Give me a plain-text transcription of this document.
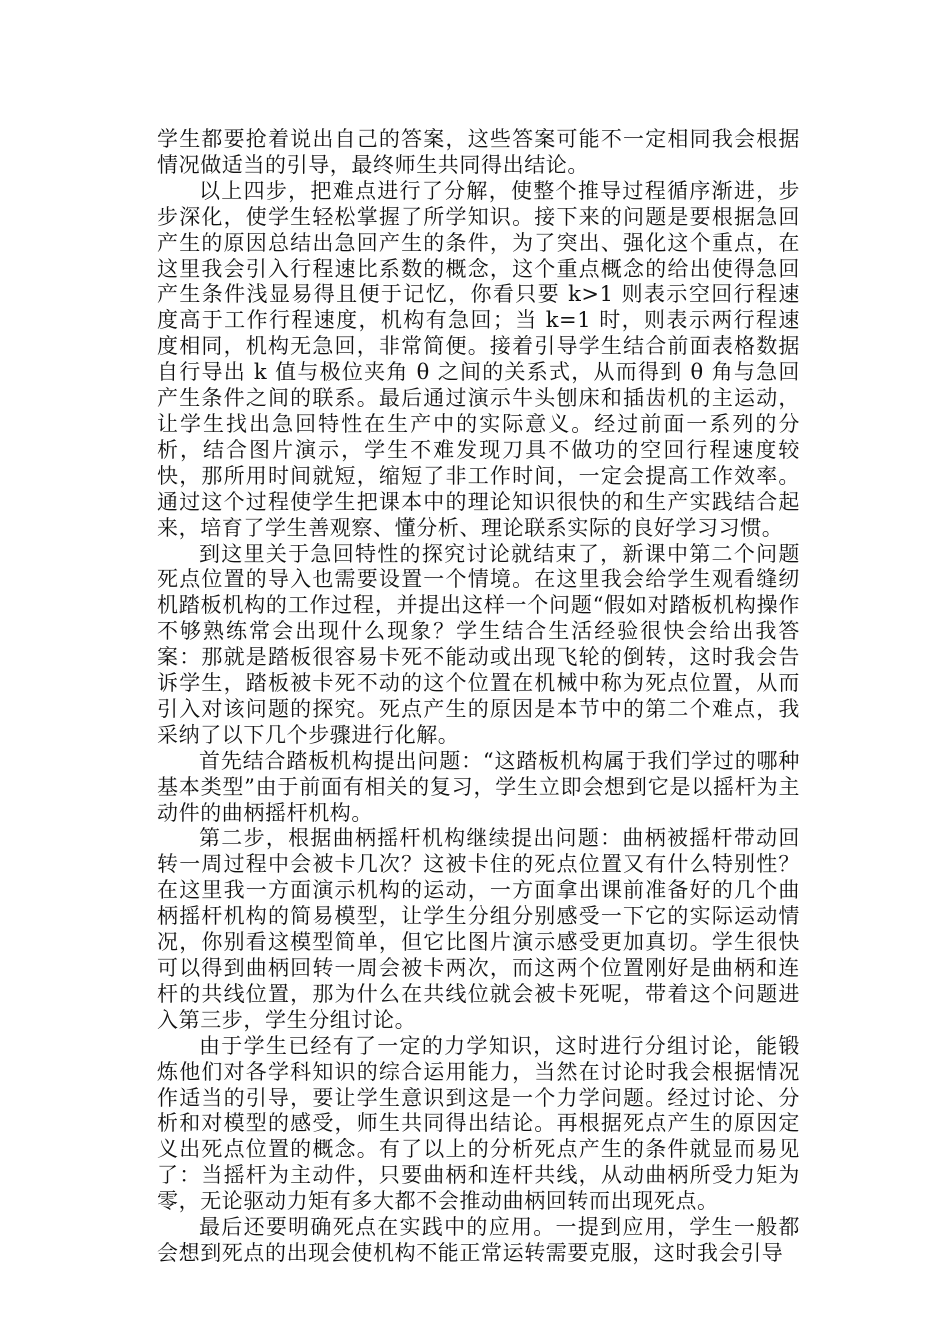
学生都要抢着说出自己的答案，这些答案可能不一定相同我会根据情况做适当的引导，最终师生共同得出结论。

以上四步，把难点进行了分解，使整个推导过程循序渐进，步步深化，使学生轻松掌握了所学知识。接下来的问题是要根据急回产生的原因总结出急回产生的条件，为了突出、强化这个重点，在这里我会引入行程速比系数的概念，这个重点概念的给出使得急回产生条件浅显易得且便于记忆，你看只要 k>1 则表示空回行程速度高于工作行程速度，机构有急回；当 k=1 时，则表示两行程速度相同，机构无急回，非常简便。接着引导学生结合前面表格数据自行导出 k 值与极位夹角 θ 之间的关系式，从而得到 θ 角与急回产生条件之间的联系。最后通过演示牛头刨床和插齿机的主运动，让学生找出急回特性在生产中的实际意义。经过前面一系列的分析，结合图片演示，学生不难发现刀具不做功的空回行程速度较快，那所用时间就短，缩短了非工作时间，一定会提高工作效率。通过这个过程使学生把课本中的理论知识很快的和生产实践结合起来，培育了学生善观察、懂分析、理论联系实际的良好学习习惯。

到这里关于急回特性的探究讨论就结束了，新课中第二个问题死点位置的导入也需要设置一个情境。在这里我会给学生观看缝纫机踏板机构的工作过程，并提出这样一个问题“假如对踏板机构操作不够熟练常会出现什么现象？学生结合生活经验很快会给出我答案：那就是踏板很容易卡死不能动或出现飞轮的倒转，这时我会告诉学生，踏板被卡死不动的这个位置在机械中称为死点位置，从而引入对该问题的探究。死点产生的原因是本节中的第二个难点，我采纳了以下几个步骤进行化解。

首先结合踏板机构提出问题：“这踏板机构属于我们学过的哪种基本类型”由于前面有相关的复习，学生立即会想到它是以摇杆为主动件的曲柄摇杆机构。

第二步，根据曲柄摇杆机构继续提出问题：曲柄被摇杆带动回转一周过程中会被卡几次？这被卡住的死点位置又有什么特别性？在这里我一方面演示机构的运动，一方面拿出课前准备好的几个曲柄摇杆机构的简易模型，让学生分组分别感受一下它的实际运动情况，你别看这模型简单，但它比图片演示感受更加真切。学生很快可以得到曲柄回转一周会被卡两次，而这两个位置刚好是曲柄和连杆的共线位置，那为什么在共线位就会被卡死呢，带着这个问题进入第三步，学生分组讨论。

由于学生已经有了一定的力学知识，这时进行分组讨论，能锻炼他们对各学科知识的综合运用能力，当然在讨论时我会根据情况作适当的引导，要让学生意识到这是一个力学问题。经过讨论、分析和对模型的感受，师生共同得出结论。再根据死点产生的原因定义出死点位置的概念。有了以上的分析死点产生的条件就显而易见了：当摇杆为主动件，只要曲柄和连杆共线，从动曲柄所受力矩为零，无论驱动力矩有多大都不会推动曲柄回转而出现死点。

最后还要明确死点在实践中的应用。一提到应用，学生一般都会想到死点的出现会使机构不能正常运转需要克服，这时我会引导
